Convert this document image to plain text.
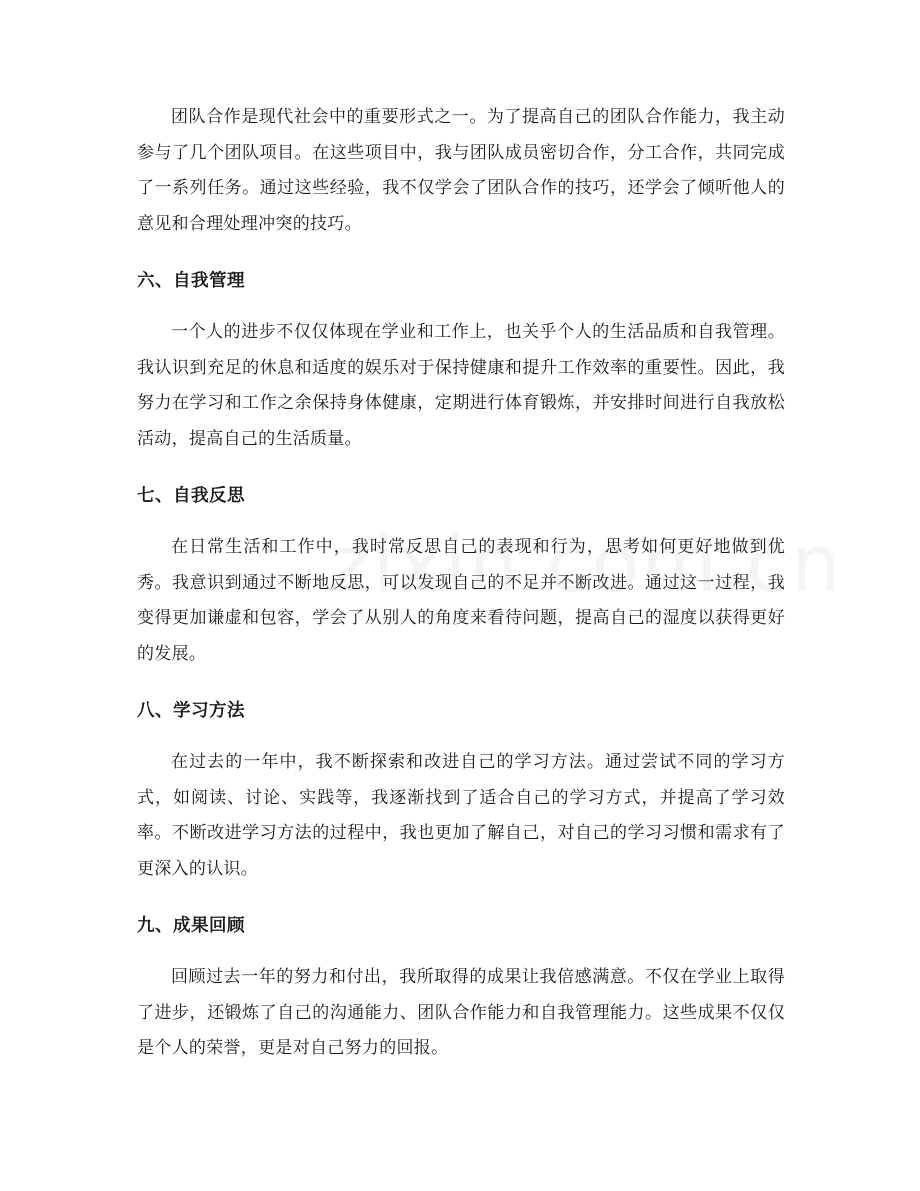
团队合作是现代社会中的重要形式之一。为了提高自己的团队合作能力，我主动参与了几个团队项目。在这些项目中，我与团队成员密切合作，分工合作，共同完成了一系列任务。通过这些经验，我不仅学会了团队合作的技巧，还学会了倾听他人的意见和合理处理冲突的技巧。

六、自我管理

一个人的进步不仅仅体现在学业和工作上，也关乎个人的生活品质和自我管理。我认识到充足的休息和适度的娱乐对于保持健康和提升工作效率的重要性。因此，我努力在学习和工作之余保持身体健康，定期进行体育锻炼，并安排时间进行自我放松活动，提高自己的生活质量。

七、自我反思

在日常生活和工作中，我时常反思自己的表现和行为，思考如何更好地做到优秀。我意识到通过不断地反思，可以发现自己的不足并不断改进。通过这一过程，我变得更加谦虚和包容，学会了从别人的角度来看待问题，提高自己的湿度以获得更好的发展。

八、学习方法

在过去的一年中，我不断探索和改进自己的学习方法。通过尝试不同的学习方式，如阅读、讨论、实践等，我逐渐找到了适合自己的学习方式，并提高了学习效率。不断改进学习方法的过程中，我也更加了解自己，对自己的学习习惯和需求有了更深入的认识。

九、成果回顾

回顾过去一年的努力和付出，我所取得的成果让我倍感满意。不仅在学业上取得了进步，还锻炼了自己的沟通能力、团队合作能力和自我管理能力。这些成果不仅仅是个人的荣誉，更是对自己努力的回报。
